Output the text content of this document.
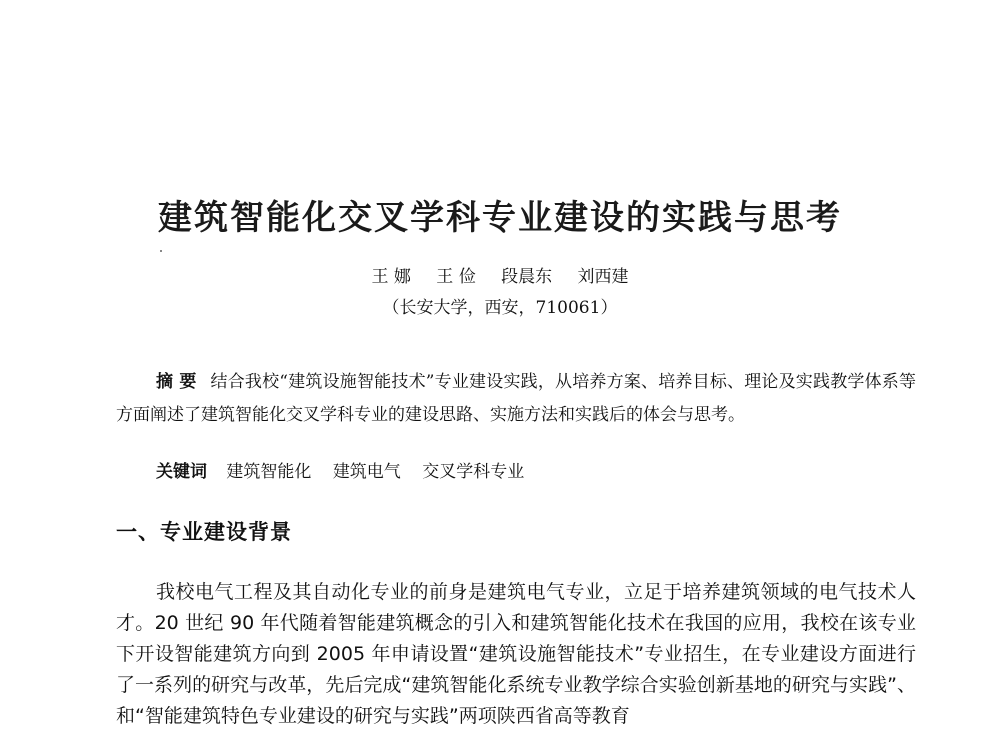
建筑智能化交叉学科专业建设的实践与思考
王 娜 王 俭 段晨东 刘西建
（长安大学，西安，710061）
摘 要 结合我校“建筑设施智能技术”专业建设实践，从培养方案、培养目标、理论及实践教学体系等方面阐述了建筑智能化交叉学科专业的建设思路、实施方法和实践后的体会与思考。
关键词 建筑智能化 建筑电气 交叉学科专业
一、专业建设背景
我校电气工程及其自动化专业的前身是建筑电气专业，立足于培养建筑领域的电气技术人才。20 世纪 90 年代随着智能建筑概念的引入和建筑智能化技术在我国的应用，我校在该专业下开设智能建筑方向到 2005 年申请设置“建筑设施智能技术”专业招生，在专业建设方面进行了一系列的研究与改革，先后完成“建筑智能化系统专业教学综合实验创新基地的研究与实践”、和“智能建筑特色专业建设的研究与实践”两项陕西省高等教育
